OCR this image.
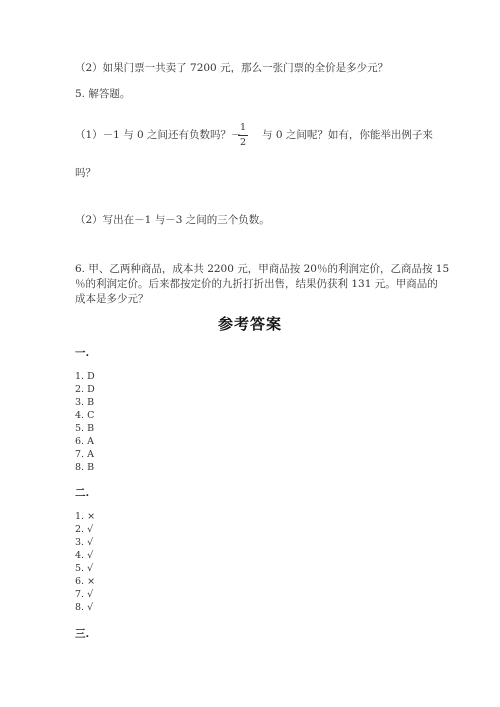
（2）如果门票一共卖了 7200 元，那么一张门票的全价是多少元？
5. 解答题。
（1）－1 与 0 之间还有负数吗？－
1
2
与 0 之间呢？如有，你能举出例子来
吗？
（2）写出在－1 与－3 之间的三个负数。
6. 甲、乙两种商品，成本共 2200 元，甲商品按 20％的利润定价，乙商品按 15
％的利润定价。后来都按定价的九折打折出售，结果仍获利 131 元。甲商品的
成本是多少元？
参考答案
一.
1. D
2. D
3. B
4. C
5. B
6. A
7. A
8. B
二.
1. ×
2. √
3. √
4. √
5. √
6. ×
7. √
8. √
三.
